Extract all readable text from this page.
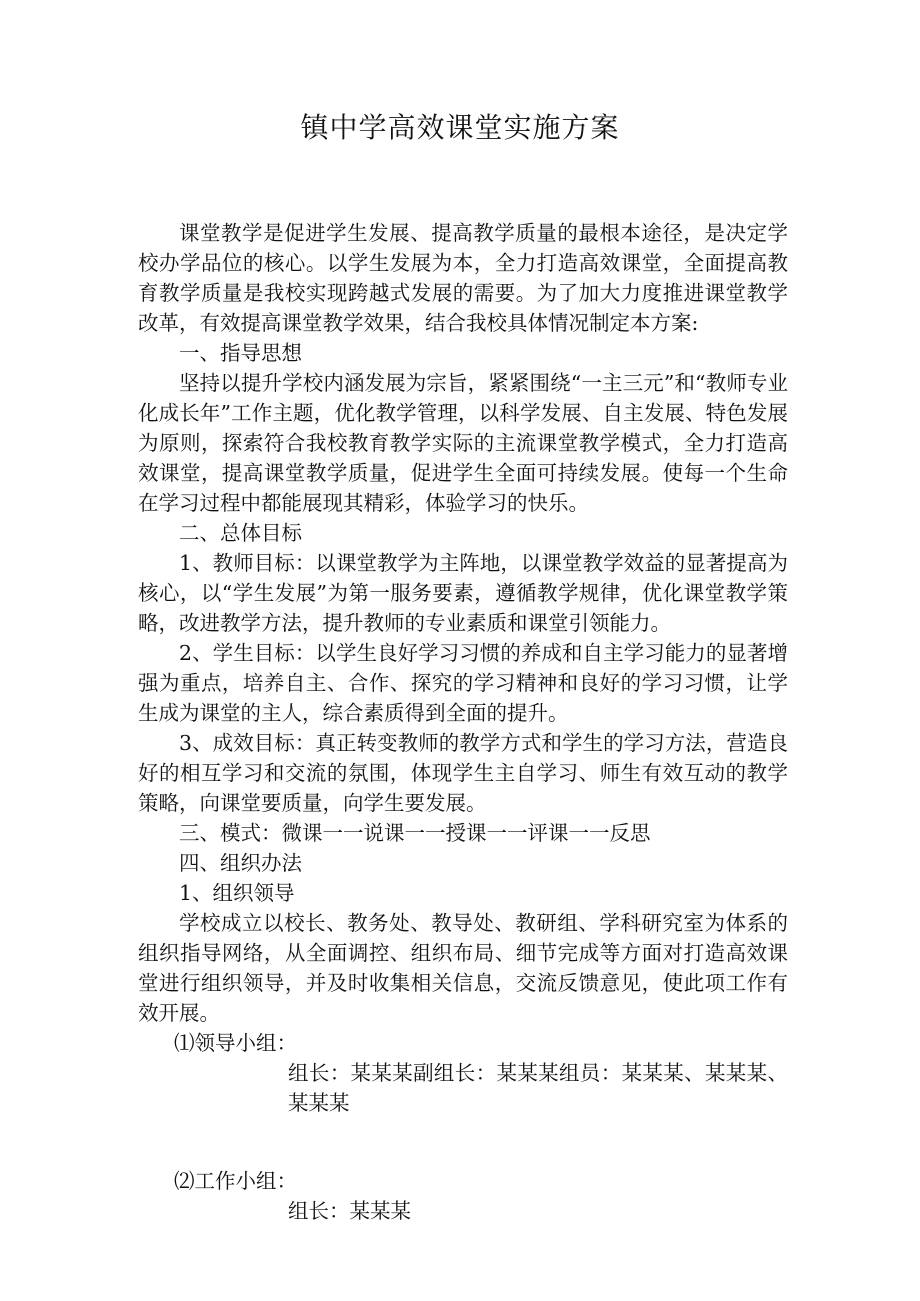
镇中学高效课堂实施方案

课堂教学是促进学生发展、提高教学质量的最根本途径，是决定学校办学品位的核心。以学生发展为本，全力打造高效课堂，全面提高教育教学质量是我校实现跨越式发展的需要。为了加大力度推进课堂教学改革，有效提高课堂教学效果，结合我校具体情况制定本方案:

一、指导思想

坚持以提升学校内涵发展为宗旨，紧紧围绕“一主三元”和“教师专业化成长年”工作主题，优化教学管理，以科学发展、自主发展、特色发展为原则，探索符合我校教育教学实际的主流课堂教学模式，全力打造高效课堂，提高课堂教学质量，促进学生全面可持续发展。使每一个生命在学习过程中都能展现其精彩，体验学习的快乐。

二、总体目标

1、教师目标：以课堂教学为主阵地，以课堂教学效益的显著提高为核心，以“学生发展”为第一服务要素，遵循教学规律，优化课堂教学策略，改进教学方法，提升教师的专业素质和课堂引领能力。

2、学生目标：以学生良好学习习惯的养成和自主学习能力的显著增强为重点，培养自主、合作、探究的学习精神和良好的学习习惯，让学生成为课堂的主人，综合素质得到全面的提升。

3、成效目标：真正转变教师的教学方式和学生的学习方法，营造良好的相互学习和交流的氛围，体现学生主自学习、师生有效互动的教学策略，向课堂要质量，向学生要发展。

三、模式：微课一一说课一一授课一一评课一一反思

四、组织办法

1、组织领导

学校成立以校长、教务处、教导处、教研组、学科研究室为体系的组织指导网络，从全面调控、组织布局、细节完成等方面对打造高效课堂进行组织领导，并及时收集相关信息，交流反馈意见，使此项工作有效开展。

⑴领导小组：

组长：某某某副组长：某某某组员：某某某、某某某、某某某

⑵工作小组：

组长：某某某
